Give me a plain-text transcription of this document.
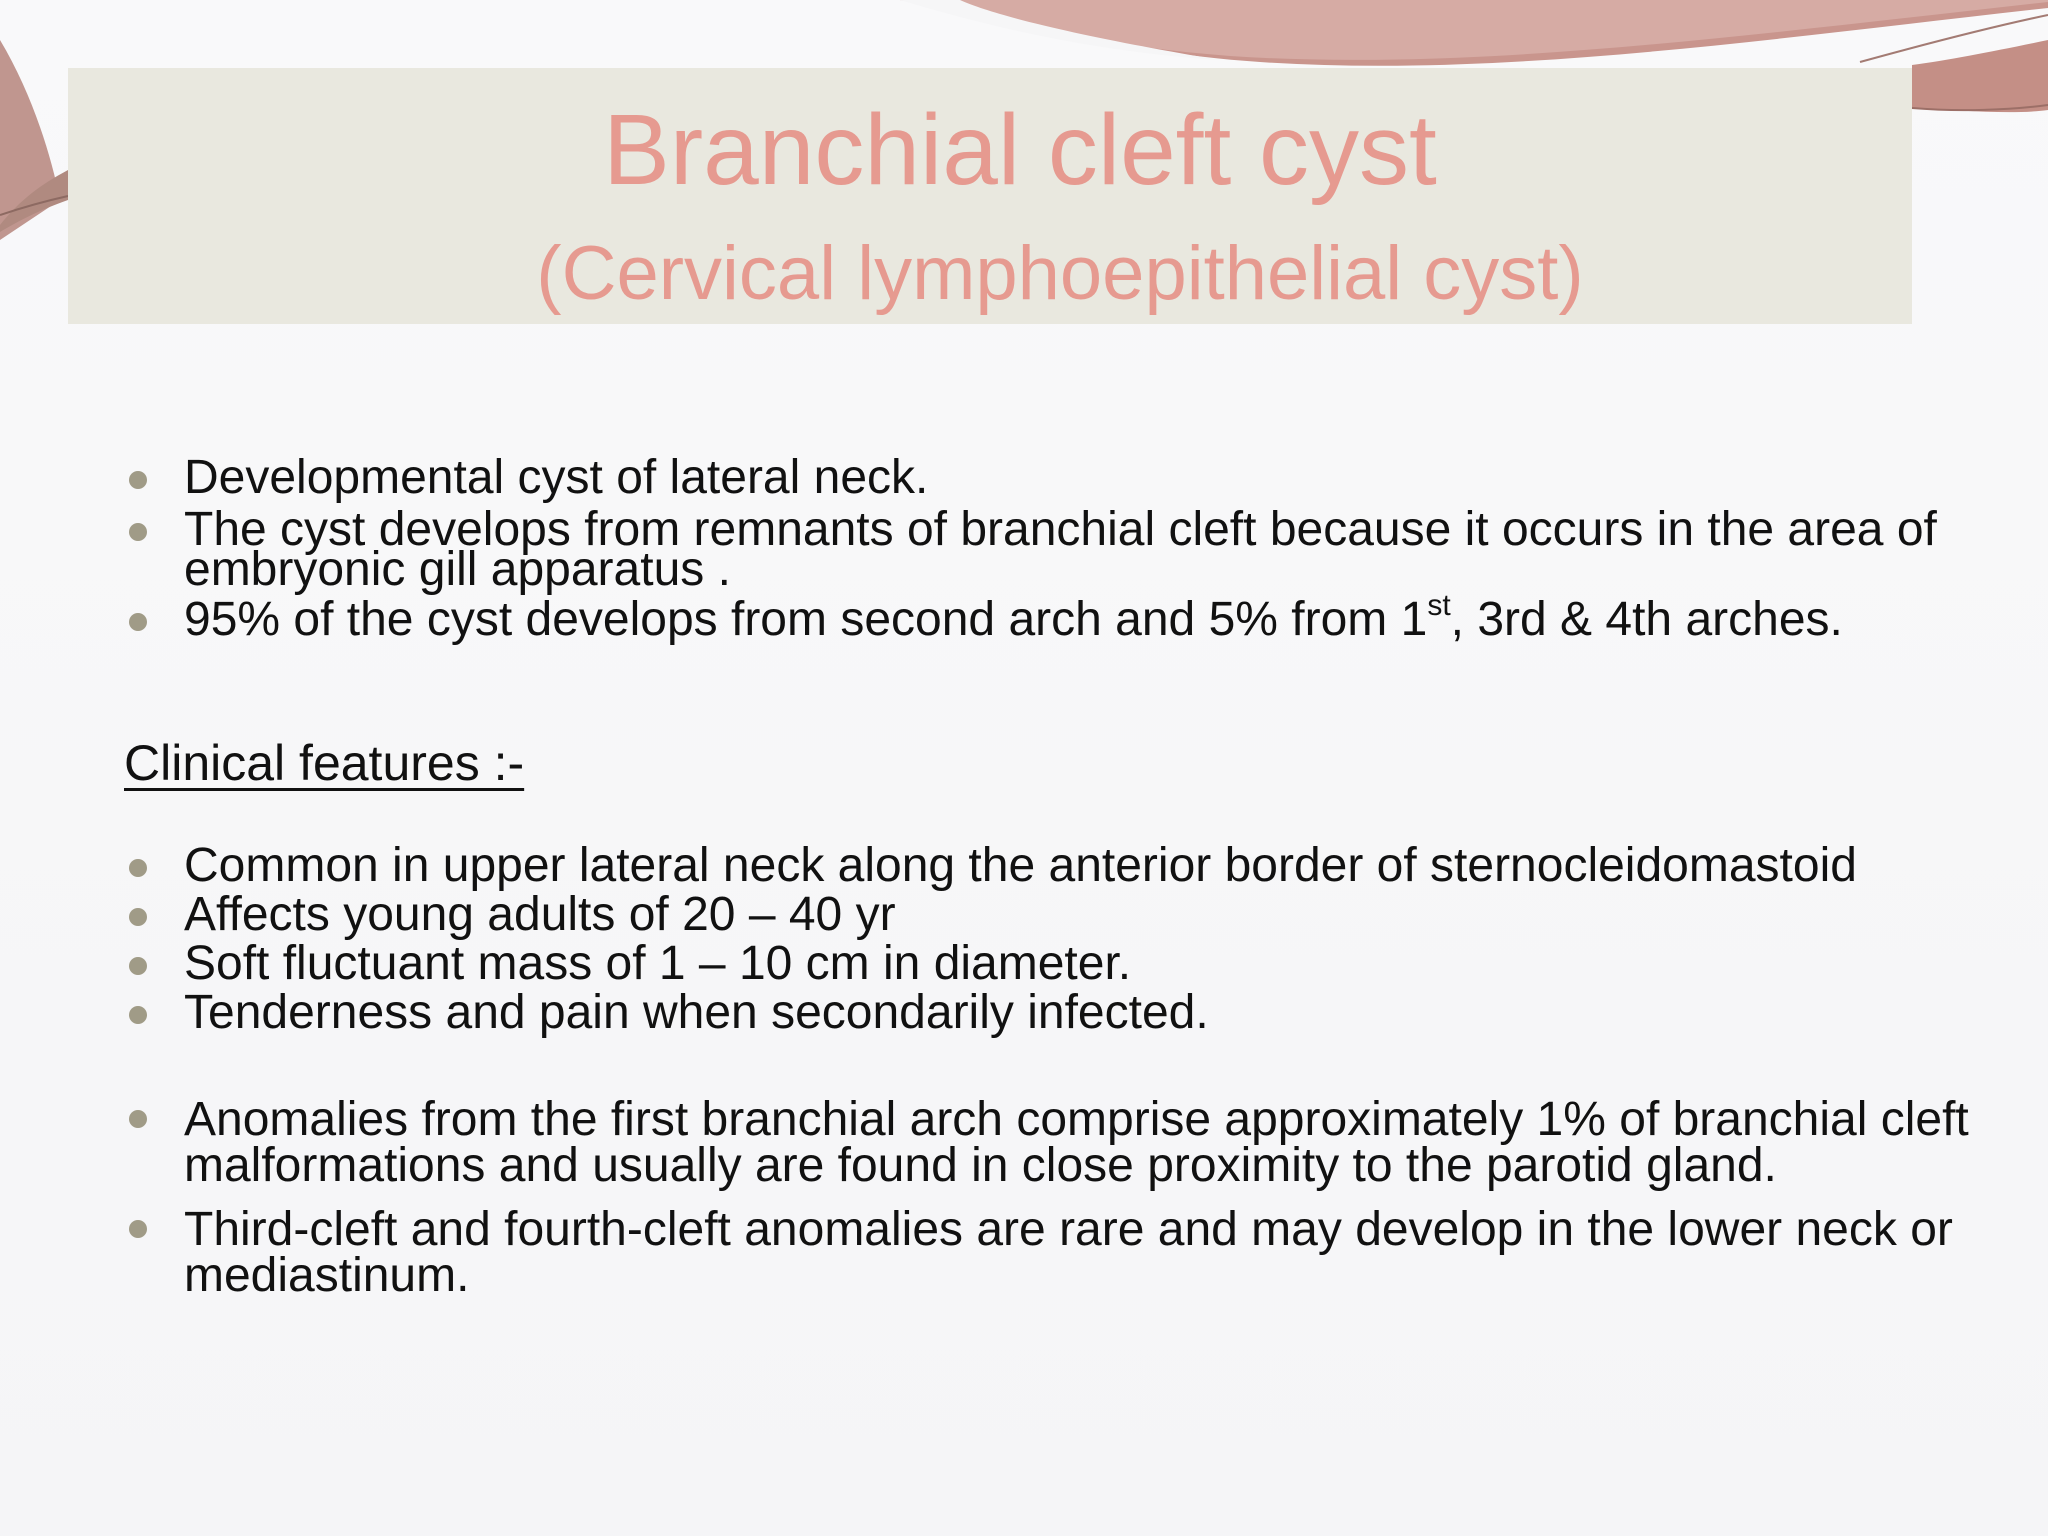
Branchial cleft cyst
(Cervical lymphoepithelial cyst)
Developmental cyst of lateral neck.
The cyst develops from remnants of branchial cleft because it occurs in the area of embryonic gill apparatus .
95% of the cyst develops from second arch and 5% from 1st, 3rd & 4th arches.
Clinical features :-
Common in upper lateral neck along the anterior border of sternocleidomastoid
Affects young adults of 20 – 40 yr
Soft fluctuant mass of 1 – 10 cm in diameter.
Tenderness and pain when secondarily infected.
Anomalies from the first branchial arch comprise approximately 1% of branchial cleft malformations and usually are found in close proximity to the parotid gland.
Third-cleft and fourth-cleft anomalies are rare and may develop in the lower neck or mediastinum.
